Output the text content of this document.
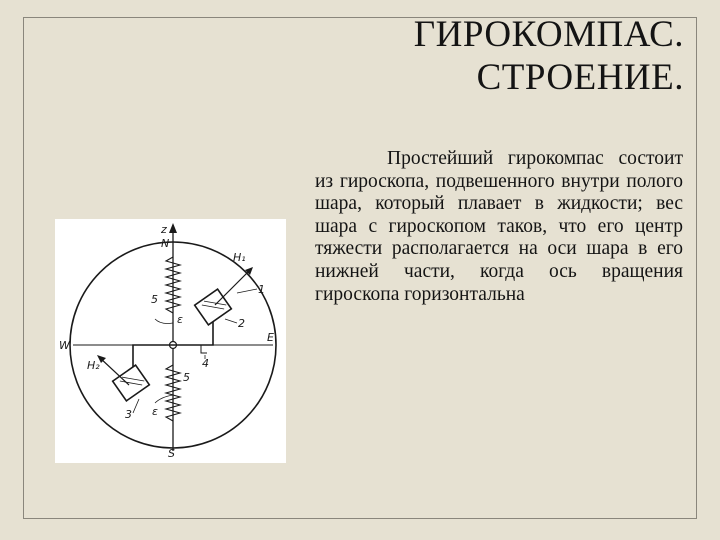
ГИРОКОМПАС.
СТРОЕНИЕ.

Простейший гирокомпас состоит из гироскопа, подвешенного внутри полого шара, который плавает в жидкости; вес шара с гироскопом таков, что его центр тяжести располагается на оси шара в его нижней части, когда ось вращения гироскопа горизонтальна

z
N
S
W
E
H₁
H₂
1
2
3
4
5
5
ε
ε
